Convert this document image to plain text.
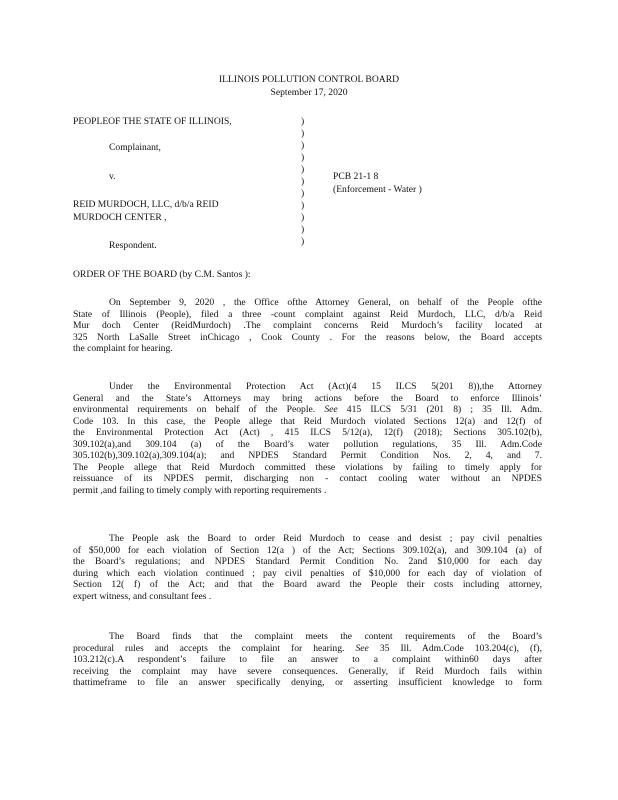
ILLINOIS POLLUTION CONTROL BOARD
September 17, 2020
PEOPLEOF THE STATE OF ILLINOIS,
Complainant,
v.
REID MURDOCH, LLC, d/b/a REID
MURDOCH CENTER ,
Respondent.
)
)
)
)
)
)
)
)
)
)
)
PCB 21-1 8
(Enforcement - Water )
ORDER OF THE BOARD (by C.M. Santos ):
On September 9, 2020 , the Office ofthe Attorney General, on behalf of the People ofthe
State of Illinois (People), filed a three -count complaint against Reid Murdoch, LLC, d/b/a Reid
Mur doch Center (ReidMurdoch) .The complaint concerns Reid Murdoch’s facility located at
325 North LaSalle Street inChicago , Cook County . For the reasons below, the Board accepts
the complaint for hearing.
Under the Environmental Protection Act (Act)(4 15 ILCS 5(201 8)),the Attorney
General and the State’s Attorneys may bring actions before the Board to enforce Illinois’
environmental requirements on behalf of the People. See 415 ILCS 5/31 (201 8) ; 35 Ill. Adm.
Code 103. In this case, the People allege that Reid Murdoch violated Sections 12(a) and 12(f) of
the Environmental Protection Act (Act) , 415 ILCS 5/12(a), 12(f) (2018); Sections 305.102(b),
309.102(a),and 309.104 (a) of the Board’s water pollution regulations, 35 Ill. Adm.Code
305.102(b),309.102(a),309.104(a); and NPDES Standard Permit Condition Nos. 2, 4, and 7.
The People allege that Reid Murdoch committed these violations by failing to timely apply for
reissuance of its NPDES permit, discharging non - contact cooling water without an NPDES
permit ,and failing to timely comply with reporting requirements .
The People ask the Board to order Reid Murdoch to cease and desist ; pay civil penalties
of $50,000 for each violation of Section 12(a ) of the Act; Sections 309.102(a), and 309.104 (a) of
the Board’s regulations; and NPDES Standard Permit Condition No. 2and $10,000 for each day
during which each violation continued ; pay civil penalties of $10,000 for each day of violation of
Section 12( f) of the Act; and that the Board award the People their costs including attorney,
expert witness, and consultant fees .
The Board finds that the complaint meets the content requirements of the Board’s
procedural rules and accepts the complaint for hearing. See 35 Ill. Adm.Code 103.204(c), (f),
103.212(c).A respondent’s failure to file an answer to a complaint within60 days after
receiving the complaint may have severe consequences. Generally, if Reid Murdoch fails within
thattimeframe to file an answer specifically denying, or asserting insufficient knowledge to form
